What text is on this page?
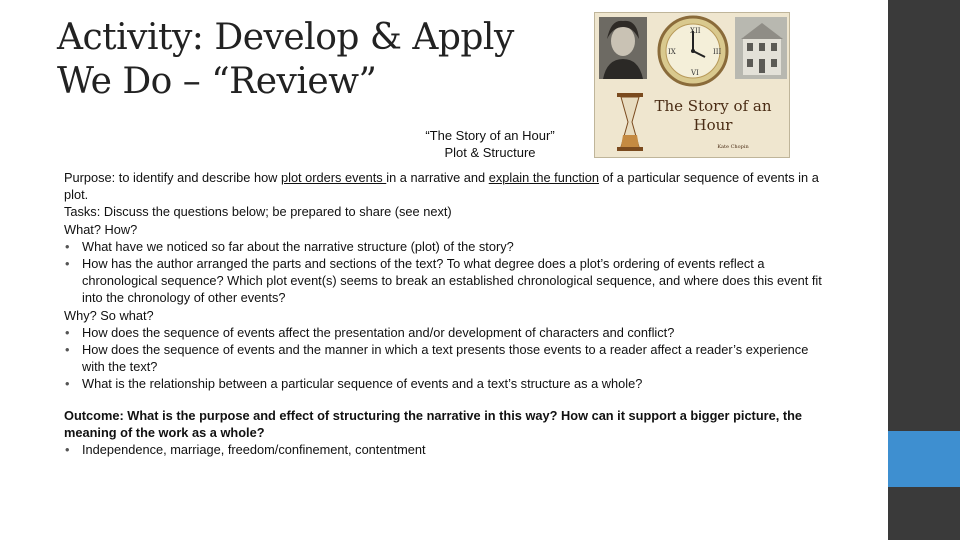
Activity: Develop & Apply
We Do – “Review”
XII
III
VI
IX
The Story of an
Hour
Kate Chopin
“The Story of an Hour”
Plot & Structure

Purpose: to identify and describe how plot orders events in a narrative and explain the function of a particular sequence of events in a plot.

Tasks: Discuss the questions below; be prepared to share (see next)

What? How?

• What have we noticed so far about the narrative structure (plot) of the story?

• How has the author arranged the parts and sections of the text? To what degree does a plot’s ordering of events reflect a chronological sequence? Which plot event(s) seems to break an established chronological sequence, and where does this event fit into the chronology of other events?

Why? So what?

• How does the sequence of events affect the presentation and/or development of characters and conflict?

• How does the sequence of events and the manner in which a text presents those events to a reader affect a reader’s experience with the text?

• What is the relationship between a particular sequence of events and a text’s structure as a whole?

Outcome: What is the purpose and effect of structuring the narrative in this way? How can it support a bigger picture, the meaning of the work as a whole?

• Independence, marriage, freedom/confinement, contentment
